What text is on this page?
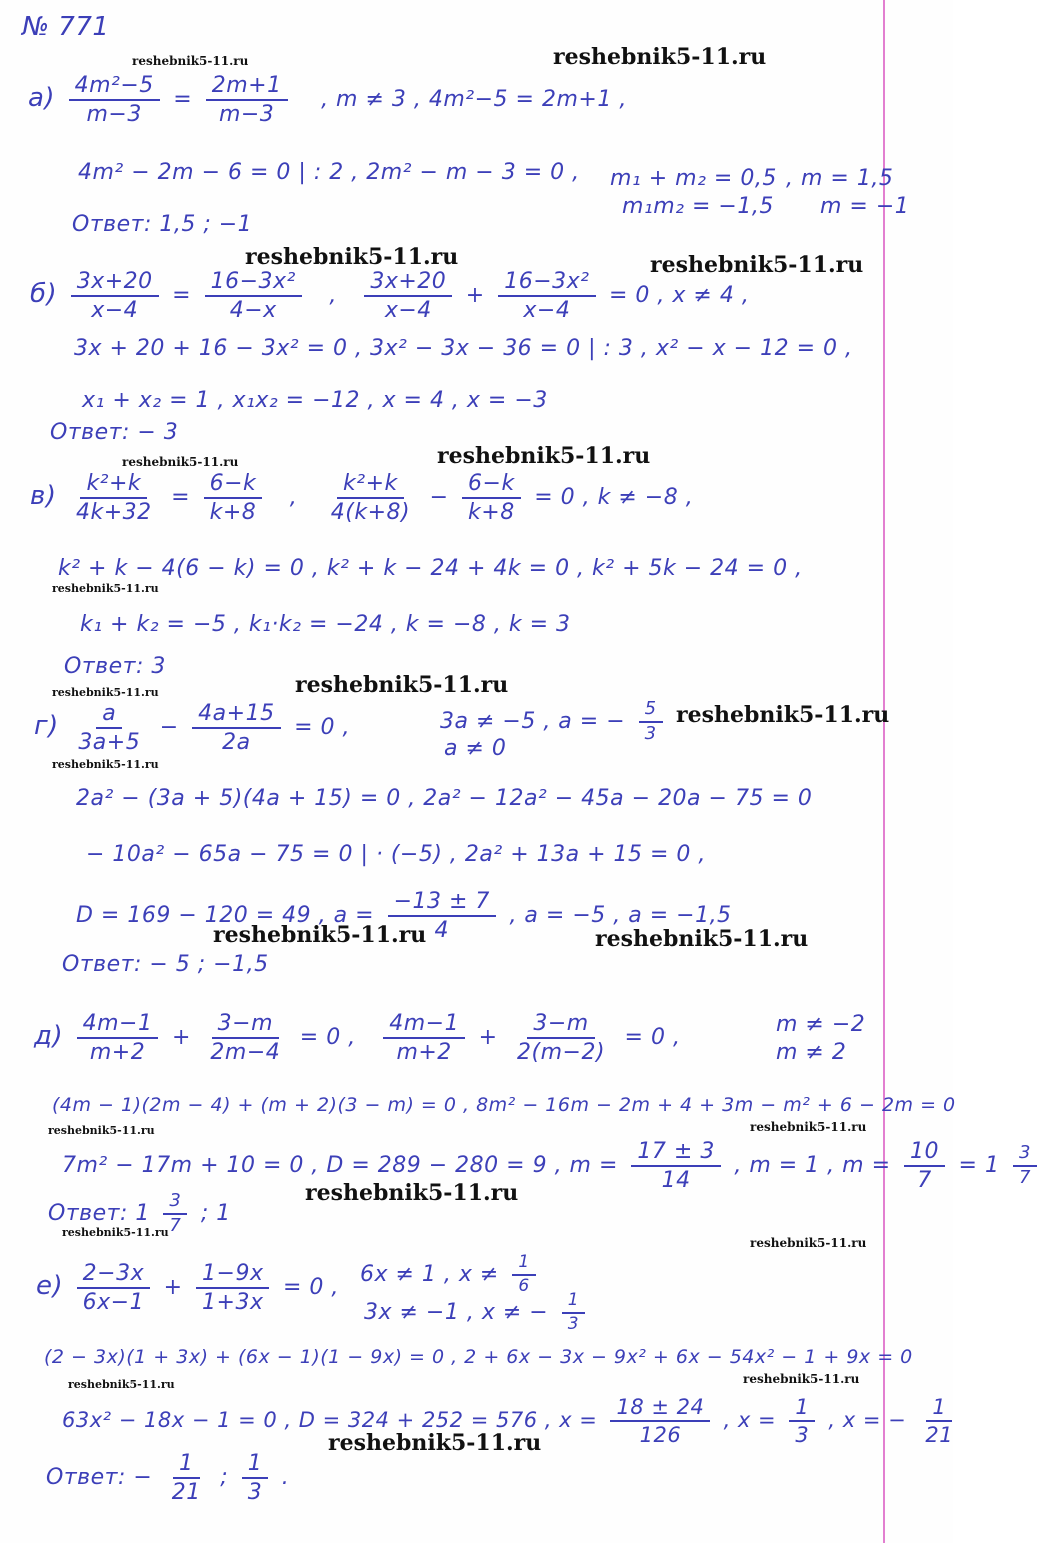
№ 771
reshebnik5-11.ru	reshebnik5-11.ru
reshebnik5-11.ru	reshebnik5-11.ru
reshebnik5-11.ru	reshebnik5-11.ru
reshebnik5-11.ru
reshebnik5-11.ru
reshebnik5-11.ru
reshebnik5-11.ru
reshebnik5-11.ru
reshebnik5-11.ru	reshebnik5-11.ru
reshebnik5-11.ru	reshebnik5-11.ru
reshebnik5-11.ru
reshebnik5-11.ru
reshebnik5-11.ru
reshebnik5-11.ru	reshebnik5-11.ru
reshebnik5-11.ru
$а) \frac{\text{4m²−5}}{m-3} = \frac{2m+1}{m-3}$ , m ≠ 3 , 4m²−5 = 2m+1 ,
4m² − 2m − 6 = 0 | : 2 , 2m² − m − 3 = 0 , m₁ + m₂ = 0,5
m₁m₂ = −1,5
, m = 1,5
m = −1
Ответ: 1,5 ; −1
$б) \frac{3x+20}{x-4} = \frac{\text{16−3x²}}{4-x}$ , $\frac{3x+20}{x-4} + \frac{\text{16−3x²}}{x-4} = 0$ , x ≠ 4 ,
3x + 20 + 16 − 3x² = 0 , 3x² − 3x − 36 = 0 | : 3 , x² − x − 12 = 0 ,
x₁ + x₂ = 1 , x₁x₂ = −12 , x = 4 , x = −3
Ответ: − 3
$в) \frac{\text{k²+k}}{4k+32} = \frac{6-k}{k+8}$ , $\frac{\text{k²+k}}{4(k+8)} - \frac{6-k}{k+8} = 0$ , k ≠ −8 ,
k² + k − 4(6 − k) = 0 , k² + k − 24 + 4k = 0 , k² + 5k − 24 = 0 ,
k₁ + k₂ = −5 , k₁·k₂ = −24 , k = −8 , k = 3
Ответ: 3
$г) \frac{a}{3a+5} - \frac{4a+15}{2a} = 0$ ,	3a ≠ −5 , a = − $\frac{5}{3}$
a ≠ 0
2a² − (3a + 5)(4a + 15) = 0 , 2a² − 12a² − 45a − 20a − 75 = 0
− 10a² − 65a − 75 = 0 | · (−5) , 2a² + 13a + 15 = 0 ,
D = 169 − 120 = 49 , $a = \frac{-13 \pm 7}{4}$ , a = −5 , a = −1,5
Ответ: − 5 ; −1,5
$д) \frac{4m-1}{m+2} + \frac{3-m}{2m-4} = 0$ , $\frac{4m-1}{m+2} + \frac{3-m}{2(m-2)} = 0$ ,
m ≠ −2
m ≠ 2
(4m − 1)(2m − 4) + (m + 2)(3 − m) = 0 , 8m² − 16m − 2m + 4 + 3m − m² + 6 − 2m = 0
7m² − 17m + 10 = 0 , D = 289 − 280 = 9 , $m = \frac{17 \pm 3}{14}$ , m = 1 , $m = \frac{10}{7} = 1 \frac{3}{7}$
Ответ: $1 \frac{3}{7}$ ; 1
$е) \frac{2-3x}{6x-1} + \frac{1-9x}{1+3x} = 0$ ,
6x ≠ 1 , $x \ne \frac{1}{6}$
3x ≠ −1 , x ≠ − $\frac{1}{3}$
(2 − 3x)(1 + 3x) + (6x − 1)(1 − 9x) = 0 , 2 + 6x − 3x − 9x² + 6x − 54x² − 1 + 9x = 0
63x² − 18x − 1 = 0 , D = 324 + 252 = 576 , $x = \frac{18 \pm 24}{126}$ , $x = \frac{1}{3}$ , x = − $\frac{1}{21}$
Ответ: − $\frac{1}{21}$ ; $\frac{1}{3}$ .
